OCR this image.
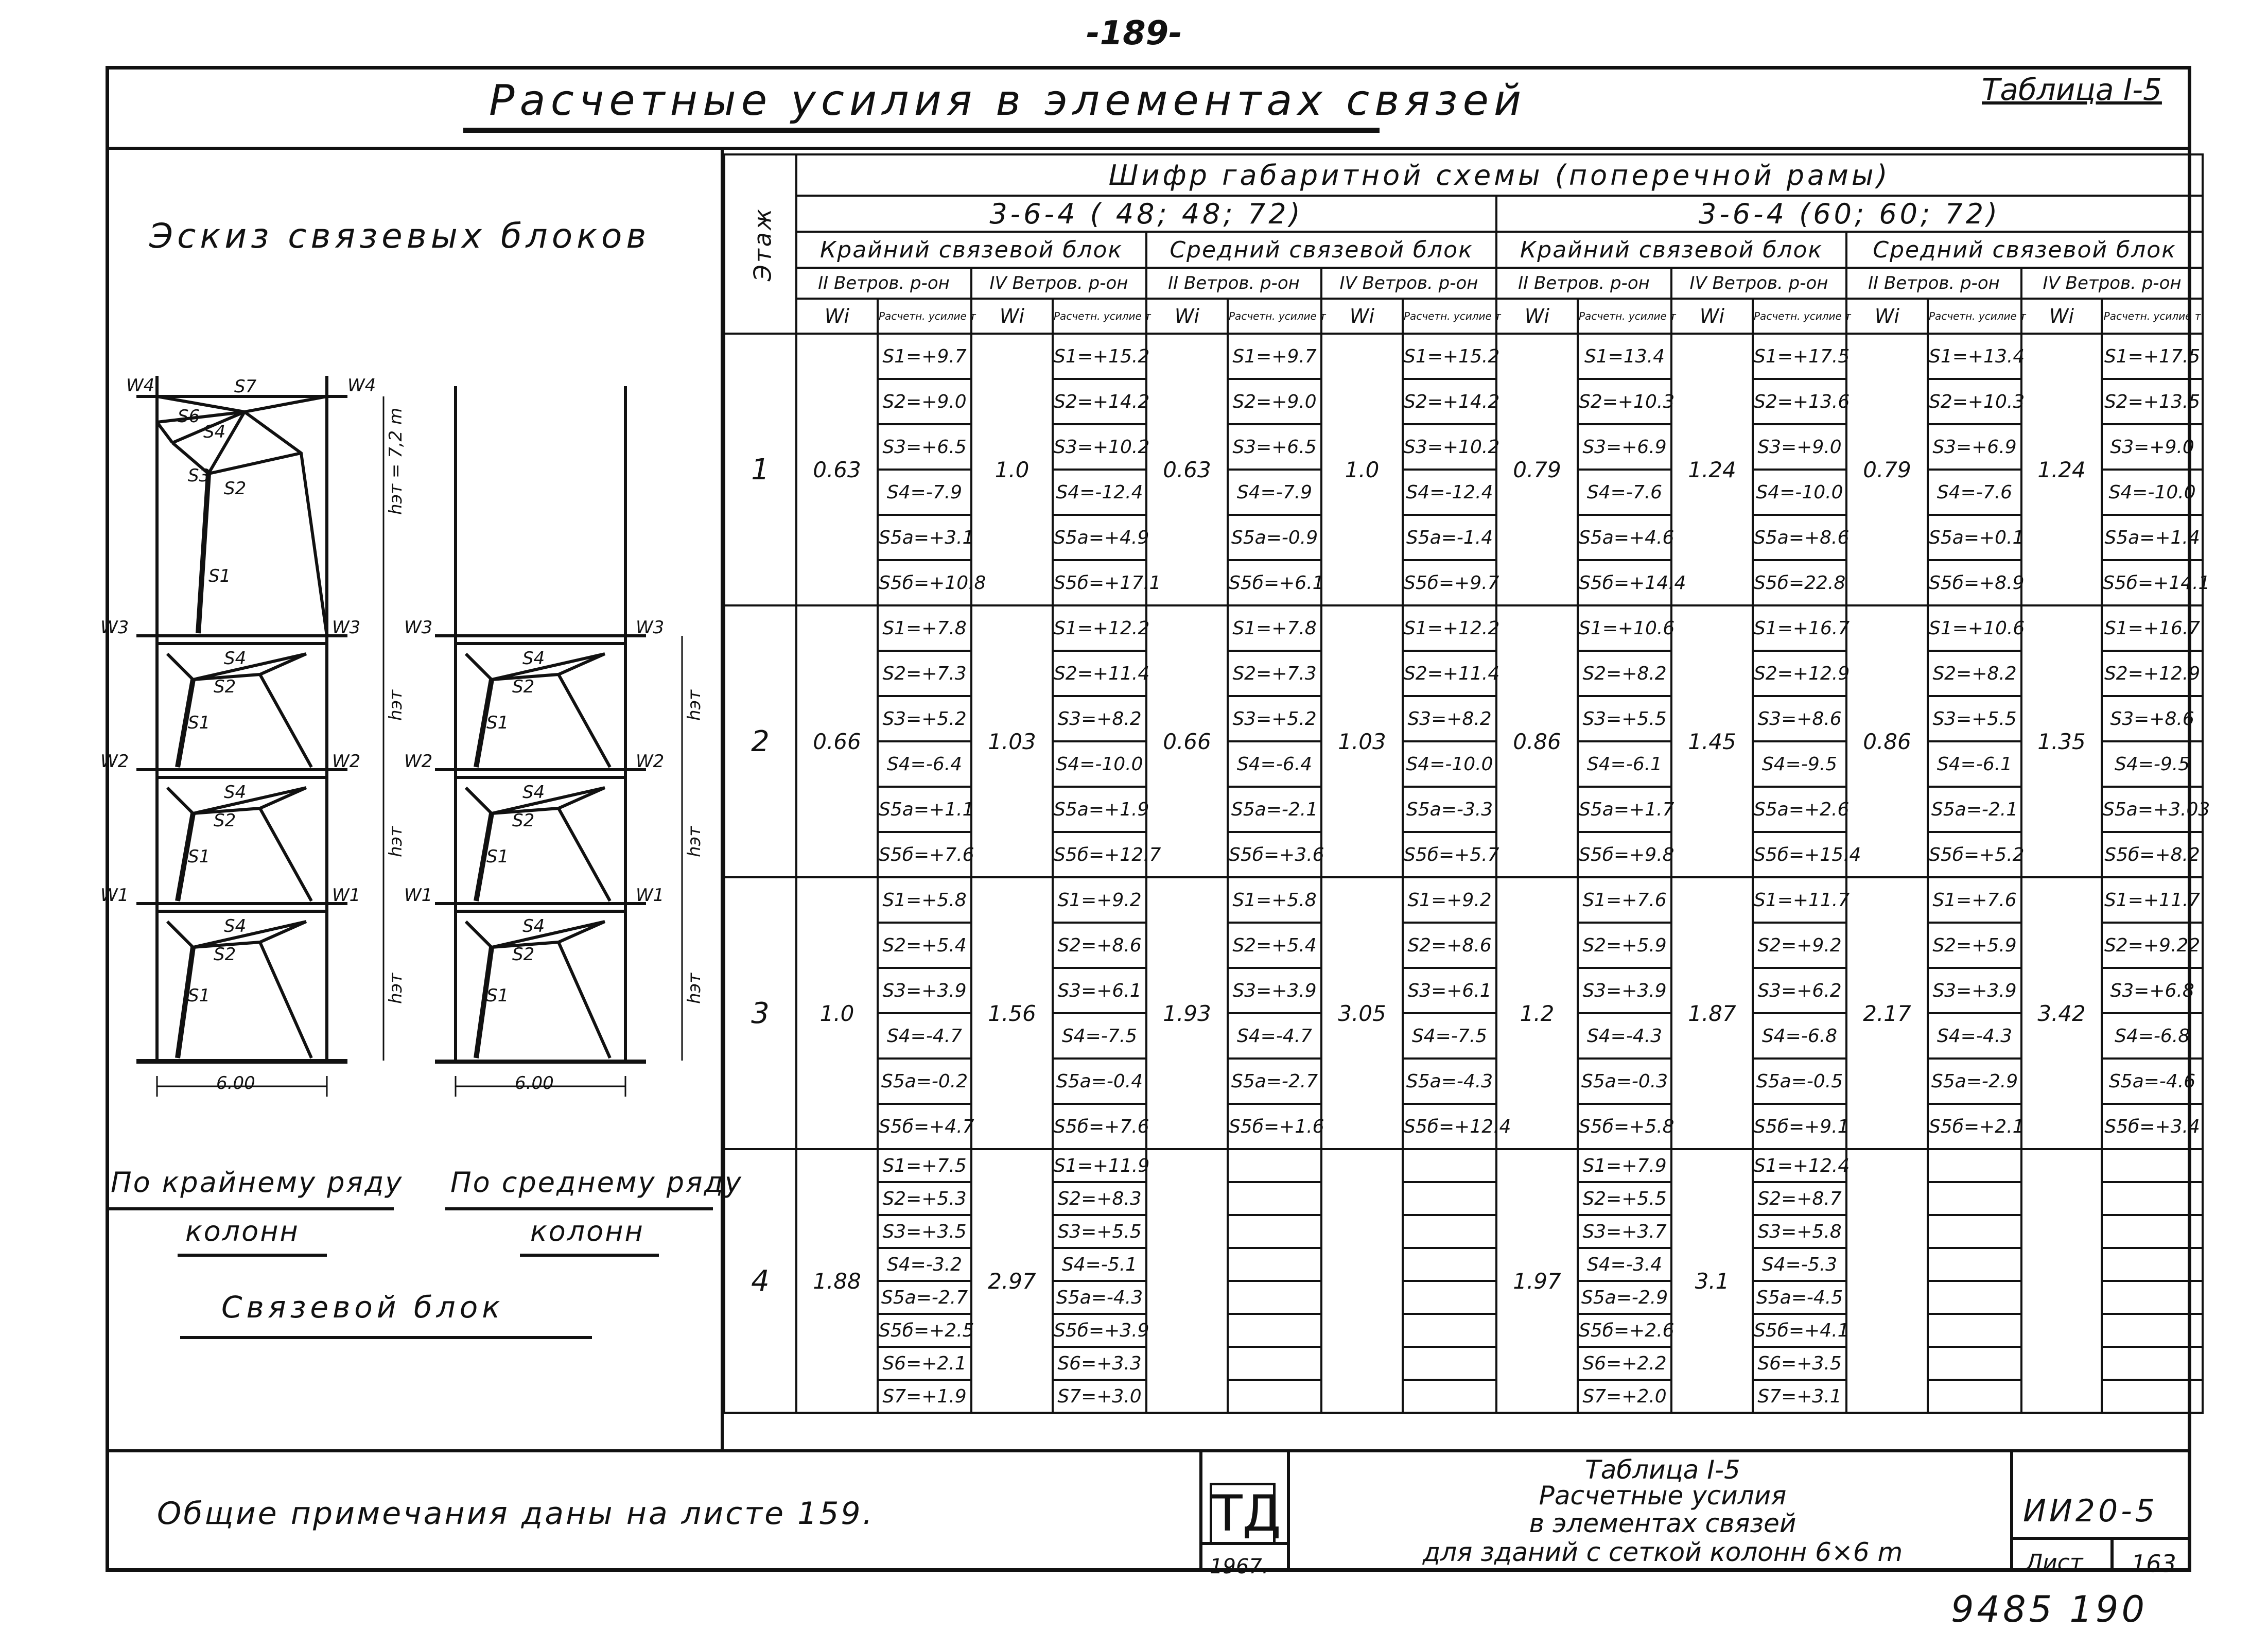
-189-
Расчетные усилия в элементах связей	Таблица I-5
Эскиз связевых блоков
W4	W4
S7
S6
S4
S3
S2
S1
W3	W3
W2	W2
W1	W1
W3	W3
W2	W2
W1	W1
S4
S2
S1
S4
S2
S1
S4
S2
S1
S4
S2
S1
S4
S2
S1
S4
S2
S1
6.00	6.00
hэт = 7,2 m
hэт
hэт
hэт
hэт
hэт
hэт
По крайнему ряду
колонн
По среднему ряду
колонн
Связевой блок
Этаж	Шифр габаритной схемы (поперечной рамы)															
	3-6-4 ( 48; 48; 72)								3-6-4 (60; 60; 72)							
	Крайний связевой блок				Средний связевой блок				Крайний связевой блок				Средний связевой блок			
	II Ветров. р-он		IV Ветров. р-он		II Ветров. р-он		IV Ветров. р-он		II Ветров. р-он		IV Ветров. р-он		II Ветров. р-он		IV Ветров. р-он	
	Wi	Расчетн. усилие т	Wi	Расчетн. усилие т	Wi	Расчетн. усилие т	Wi	Расчетн. усилие т	Wi	Расчетн. усилие т	Wi	Расчетн. усилие т	Wi	Расчетн. усилие т	Wi	Расчетн. усилие т
1	0.63	S1=+9.7	1.0	S1=+15.2	0.63	S1=+9.7	1.0	S1=+15.2	0.79	S1=13.4	1.24	S1=+17.5	0.79	S1=+13.4	1.24	S1=+17.5
		S2=+9.0		S2=+14.2		S2=+9.0		S2=+14.2		S2=+10.3		S2=+13.6		S2=+10.3		S2=+13.5
		S3=+6.5		S3=+10.2		S3=+6.5		S3=+10.2		S3=+6.9		S3=+9.0		S3=+6.9		S3=+9.0
		S4=-7.9		S4=-12.4		S4=-7.9		S4=-12.4		S4=-7.6		S4=-10.0		S4=-7.6		S4=-10.0
		S5a=+3.1		S5a=+4.9		S5a=-0.9		S5a=-1.4		S5a=+4.6		S5a=+8.6		S5a=+0.1		S5a=+1.4
		S5б=+10.8		S5б=+17.1		S5б=+6.1		S5б=+9.7		S5б=+14.4		S5б=22.8		S5б=+8.9		S5б=+14.1
2	0.66	S1=+7.8	1.03	S1=+12.2	0.66	S1=+7.8	1.03	S1=+12.2	0.86	S1=+10.6	1.45	S1=+16.7	0.86	S1=+10.6	1.35	S1=+16.7
		S2=+7.3		S2=+11.4		S2=+7.3		S2=+11.4		S2=+8.2		S2=+12.9		S2=+8.2		S2=+12.9
		S3=+5.2		S3=+8.2		S3=+5.2		S3=+8.2		S3=+5.5		S3=+8.6		S3=+5.5		S3=+8.6
		S4=-6.4		S4=-10.0		S4=-6.4		S4=-10.0		S4=-6.1		S4=-9.5		S4=-6.1		S4=-9.5
		S5a=+1.1		S5a=+1.9		S5a=-2.1		S5a=-3.3		S5a=+1.7		S5a=+2.6		S5a=-2.1		S5a=+3.03
		S5б=+7.6		S5б=+12.7		S5б=+3.6		S5б=+5.7		S5б=+9.8		S5б=+15.4		S5б=+5.2		S5б=+8.2
3	1.0	S1=+5.8	1.56	S1=+9.2	1.93	S1=+5.8	3.05	S1=+9.2	1.2	S1=+7.6	1.87	S1=+11.7	2.17	S1=+7.6	3.42	S1=+11.7
		S2=+5.4		S2=+8.6		S2=+5.4		S2=+8.6		S2=+5.9		S2=+9.2		S2=+5.9		S2=+9.22
		S3=+3.9		S3=+6.1		S3=+3.9		S3=+6.1		S3=+3.9		S3=+6.2		S3=+3.9		S3=+6.8
		S4=-4.7		S4=-7.5		S4=-4.7		S4=-7.5		S4=-4.3		S4=-6.8		S4=-4.3		S4=-6.8
		S5a=-0.2		S5a=-0.4		S5a=-2.7		S5a=-4.3		S5a=-0.3		S5a=-0.5		S5a=-2.9		S5a=-4.6
		S5б=+4.7		S5б=+7.6		S5б=+1.6		S5б=+12.4		S5б=+5.8		S5б=+9.1		S5б=+2.1		S5б=+3.4
4	1.88	S1=+7.5	2.97	S1=+11.9					1.97	S1=+7.9	3.1	S1=+12.4				
		S2=+5.3		S2=+8.3						S2=+5.5		S2=+8.7				
		S3=+3.5		S3=+5.5						S3=+3.7		S3=+5.8				
		S4=-3.2		S4=-5.1						S4=-3.4		S4=-5.3				
		S5a=-2.7		S5a=-4.3						S5a=-2.9		S5a=-4.5				
		S5б=+2.5		S5б=+3.9						S5б=+2.6		S5б=+4.1				
		S6=+2.1		S6=+3.3						S6=+2.2		S6=+3.5				
		S7=+1.9		S7=+3.0						S7=+2.0		S7=+3.1				
Общие примечания даны на листе 159.	ТД
1967.
Таблица I-5
Расчетные усилия
в элементах связей
для зданий с сеткой колонн 6×6 m
ИИ20-5
Лист 163
9485 190
